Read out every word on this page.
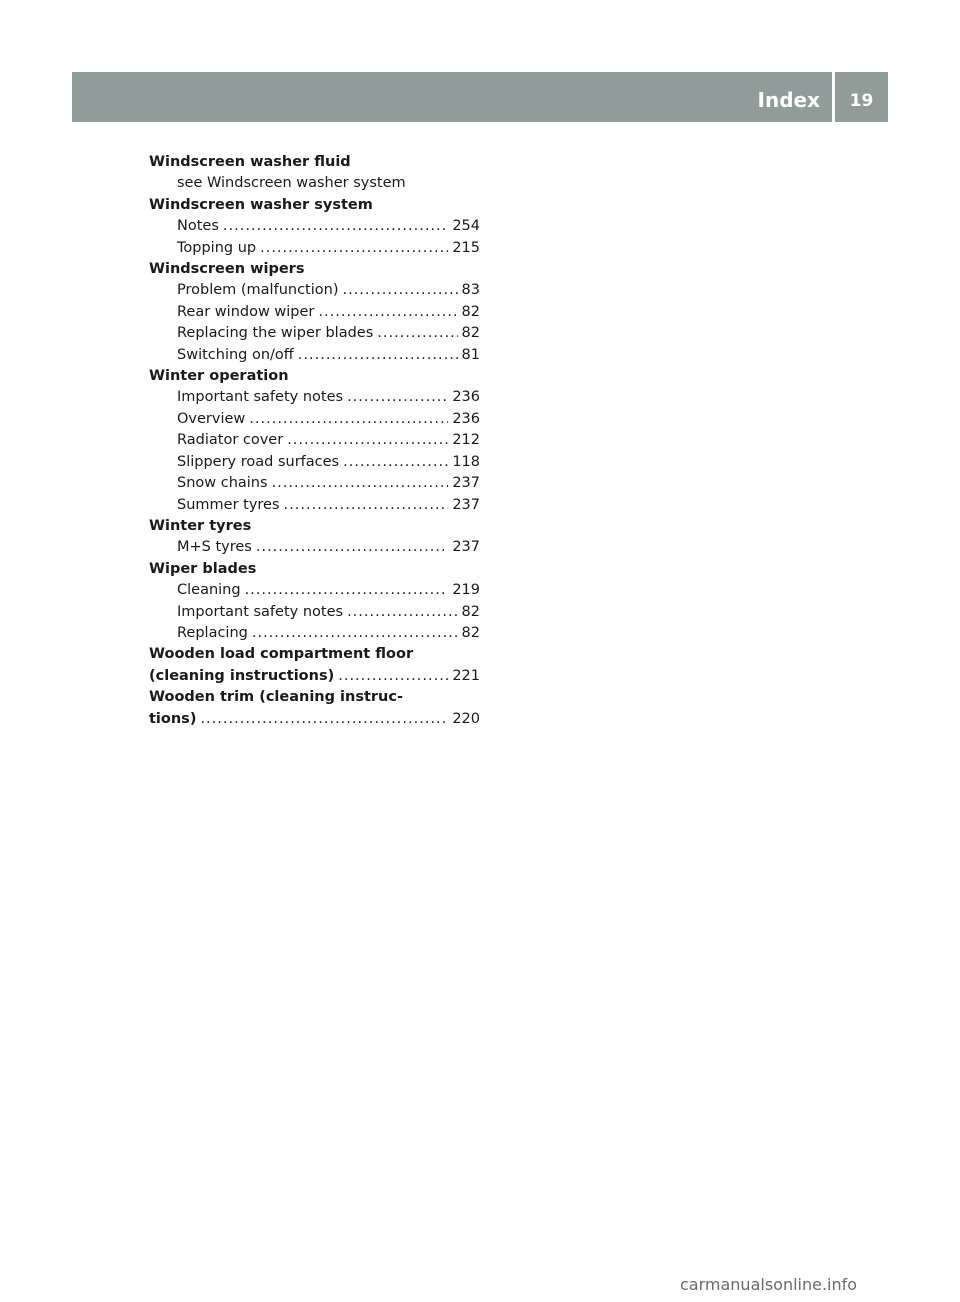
Index	19
Windscreen washer fluid
see Windscreen washer system
Windscreen washer system
Notes .....	254
Topping up .....	215
Windscreen wipers
Problem (malfunction) .....	83
Rear window wiper .....	82
Replacing the wiper blades .....	82
Switching on/off .....	81
Winter operation
Important safety notes .....	236
Overview .....	236
Radiator cover .....	212
Slippery road surfaces .....	118
Snow chains .....	237
Summer tyres .....	237
Winter tyres
M+S tyres .....	237
Wiper blades
Cleaning .....	219
Important safety notes .....	82
Replacing .....	82
Wooden load compartment floor
(cleaning instructions) .....	221
Wooden trim (cleaning instruc-
tions) .....	220
carmanualsonline.info
